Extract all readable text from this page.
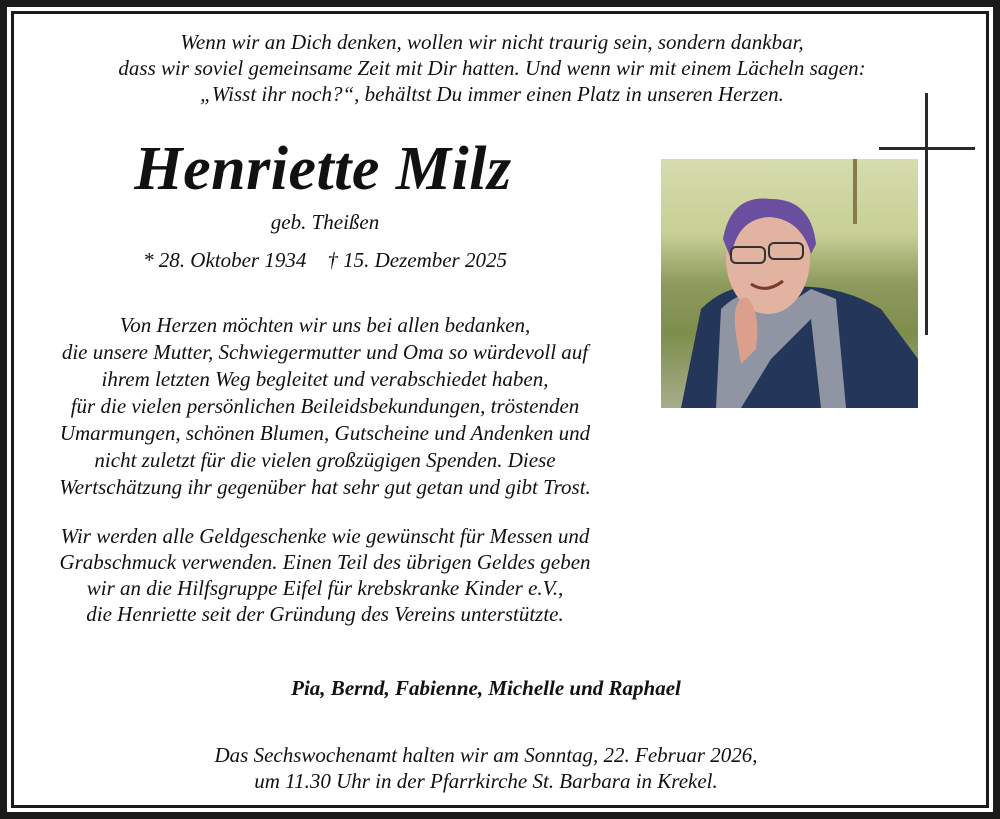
Wenn wir an Dich denken, wollen wir nicht traurig sein, sondern dankbar,
dass wir soviel gemeinsame Zeit mit Dir hatten. Und wenn wir mit einem Lächeln sagen:
„Wisst ihr noch?“, behältst Du immer einen Platz in unseren Herzen.
Henriette Milz
geb. Theißen
* 28. Oktober 1934    † 15. Dezember 2025
Von Herzen möchten wir uns bei allen bedanken,
die unsere Mutter, Schwiegermutter und Oma so würdevoll auf
ihrem letzten Weg begleitet und verabschiedet haben,
für die vielen persönlichen Beileidsbekundungen, tröstenden
Umarmungen, schönen Blumen, Gutscheine und Andenken und
nicht zuletzt für die vielen großzügigen Spenden. Diese
Wertschätzung ihr gegenüber hat sehr gut getan und gibt Trost.
Wir werden alle Geldgeschenke wie gewünscht für Messen und
Grabschmuck verwenden. Einen Teil des übrigen Geldes geben
wir an die Hilfsgruppe Eifel für krebskranke Kinder e.V.,
die Henriette seit der Gründung des Vereins unterstützte.
Pia, Bernd, Fabienne, Michelle und Raphael
Das Sechswochenamt halten wir am Sonntag, 22. Februar 2026,
um 11.30 Uhr in der Pfarrkirche St. Barbara in Krekel.
